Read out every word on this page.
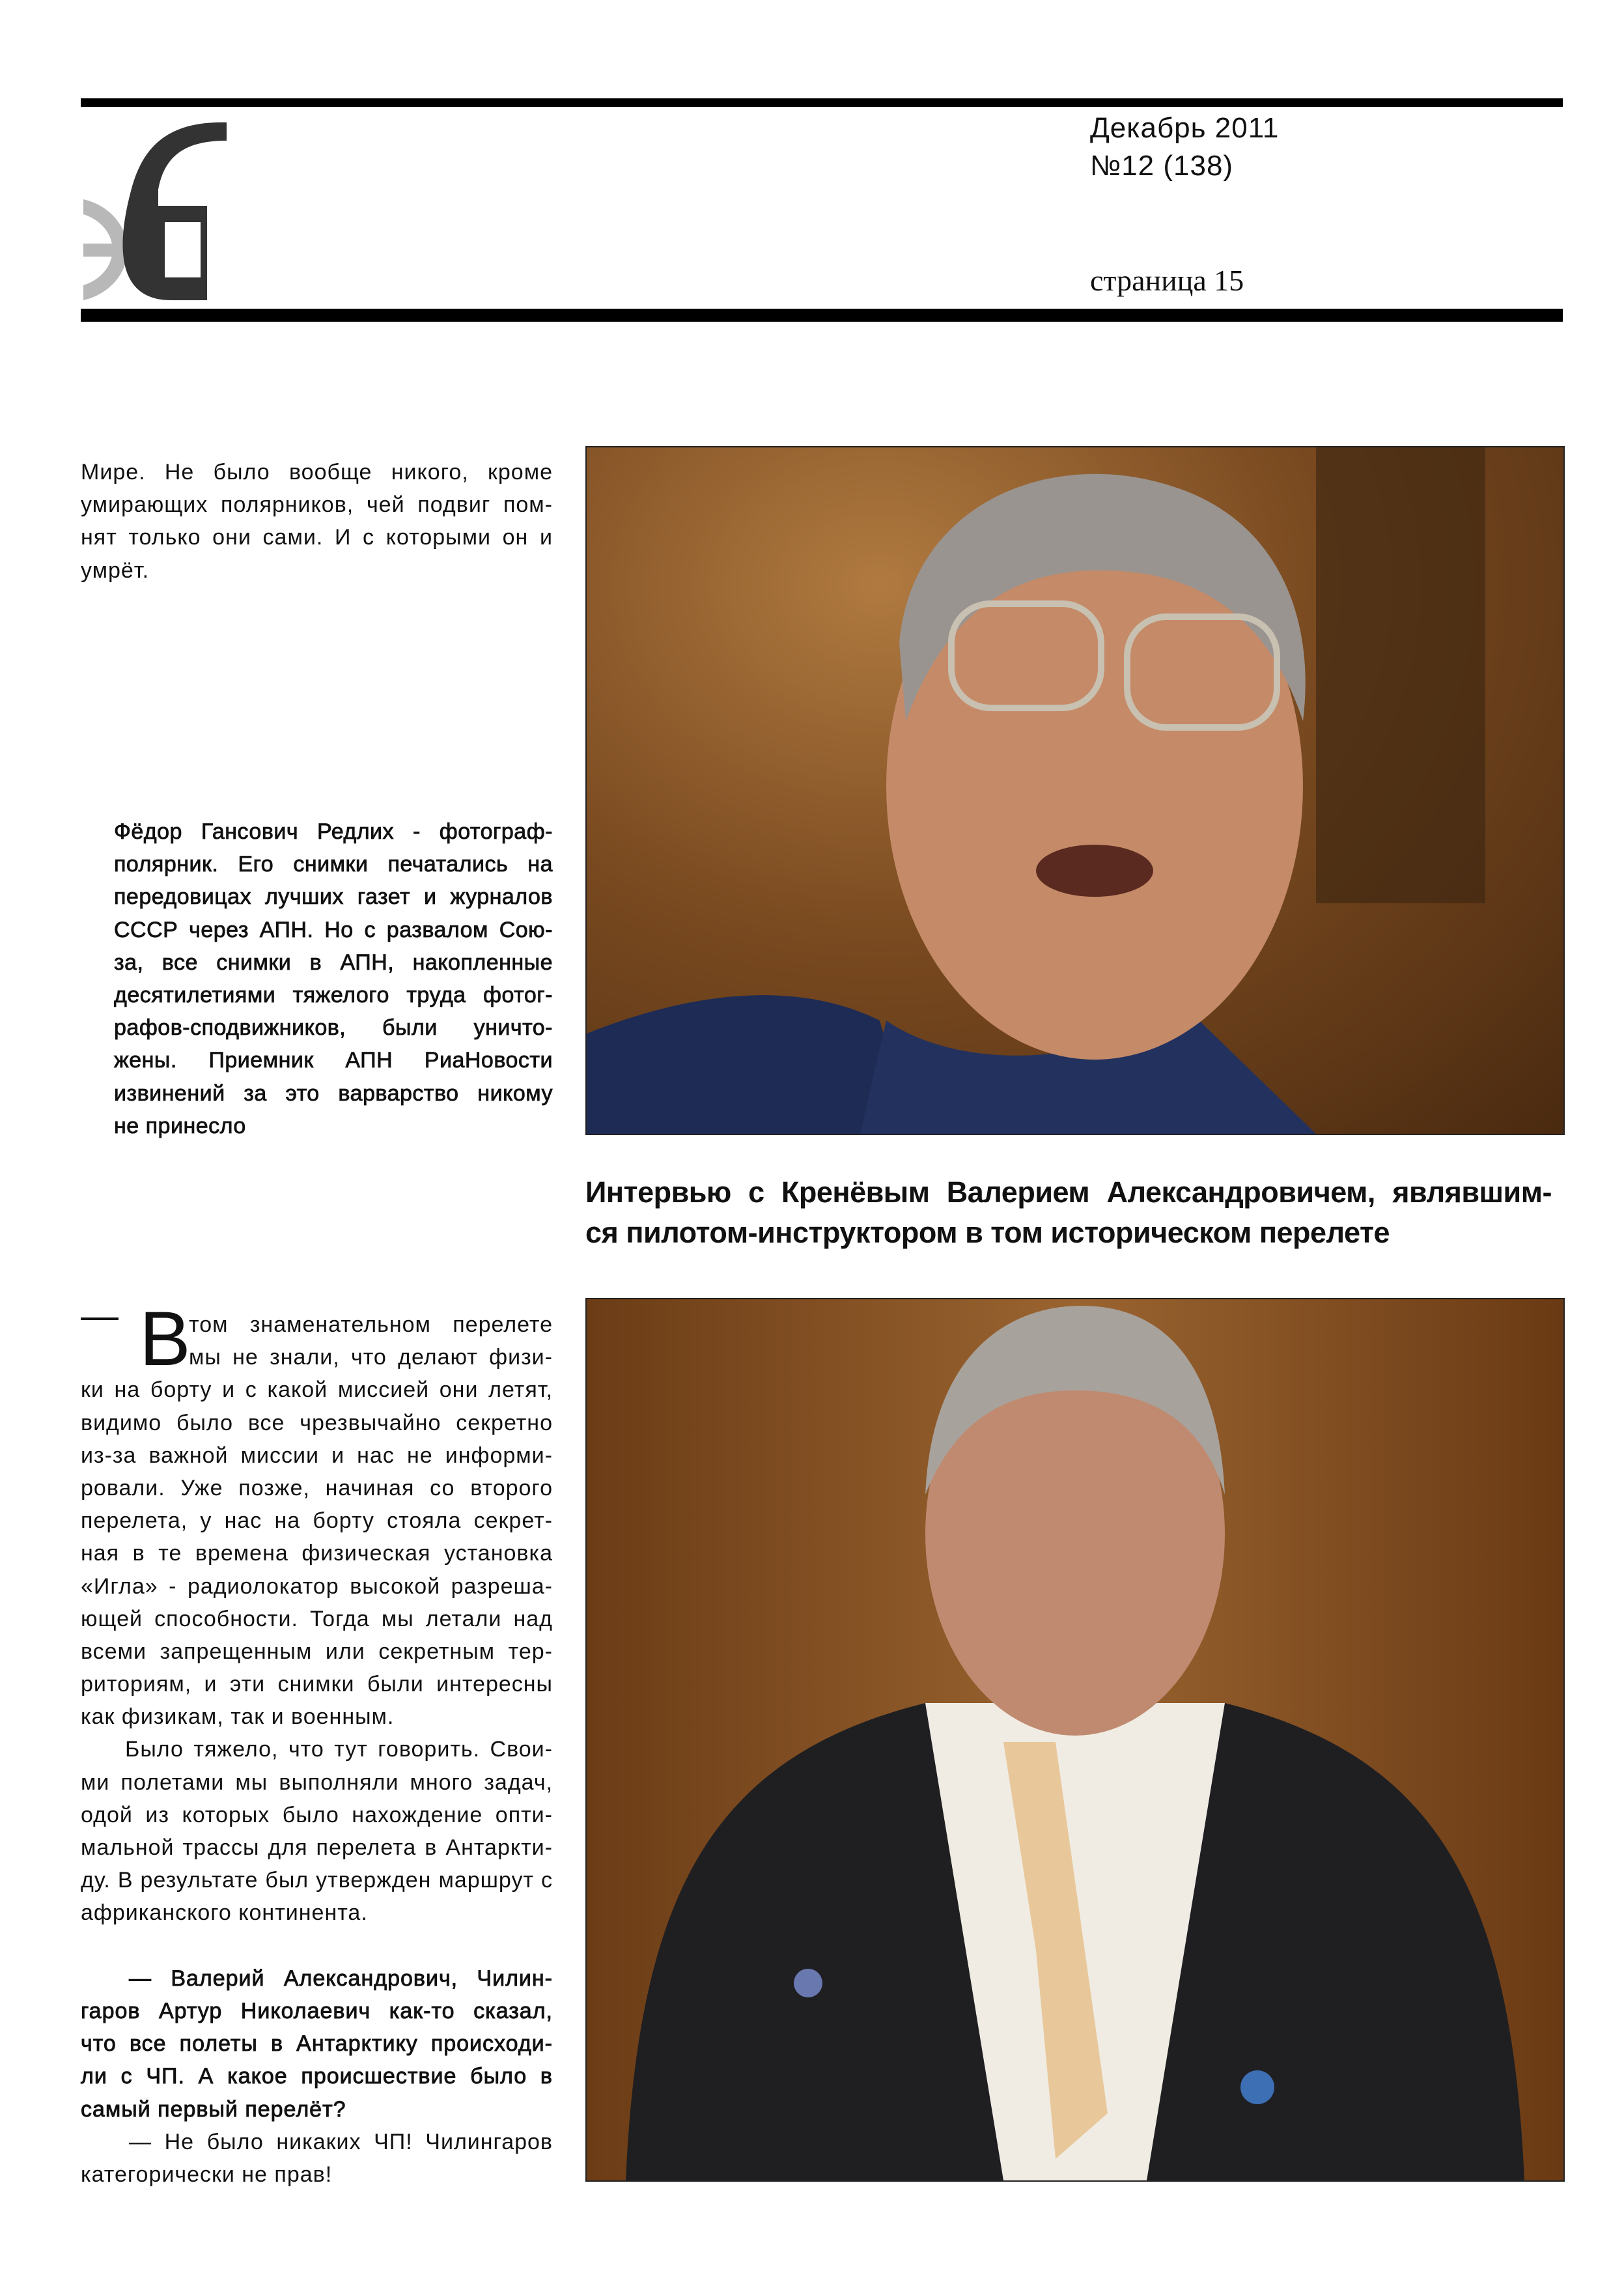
Декабрь 2011
№12 (138)
страница 15
Мире. Не было вообще никого, кроме
умирающих полярников, чей подвиг пом-
нят только они сами. И с которыми он и
умрёт.
Фёдор Гансович Редлих - фотограф-
полярник. Его снимки печатались на
передовицах лучших газет и журналов
СССР через АПН. Но с развалом Сою-
за, все снимки в АПН, накопленные
десятилетиями тяжелого труда фотог-
рафов-сподвижников, были уничто-
жены. Приемник АПН РиаНовости
извинений за это варварство никому
не принесло
Интервью с Кренёвым Валерием Александровичем, являвшим-
ся пилотом-инструктором в том историческом перелете
В
том знаменательном перелете
мы не знали, что делают физи-
ки на борту и с какой миссией они летят,
видимо было все чрезвычайно секретно
из-за важной миссии и нас не информи-
ровали. Уже позже, начиная со второго
перелета, у нас на борту стояла секрет-
ная в те времена физическая установка
«Игла» - радиолокатор высокой разреша-
ющей способности. Тогда мы летали над
всеми запрещенным или секретным тер-
риториям, и эти снимки были интересны
как физикам, так и военным.
Было тяжело, что тут говорить. Свои-
ми полетами мы выполняли много задач,
одой из которых было нахождение опти-
мальной трассы для перелета в Антаркти-
ду. В результате был утвержден маршрут с
африканского континента.
— Валерий Александрович, Чилин-
гаров Артур Николаевич как-то сказал,
что все полеты в Антарктику происходи-
ли с ЧП. А какое происшествие было в
самый первый перелёт?
— Не было никаких ЧП! Чилингаров
категорически не прав!
